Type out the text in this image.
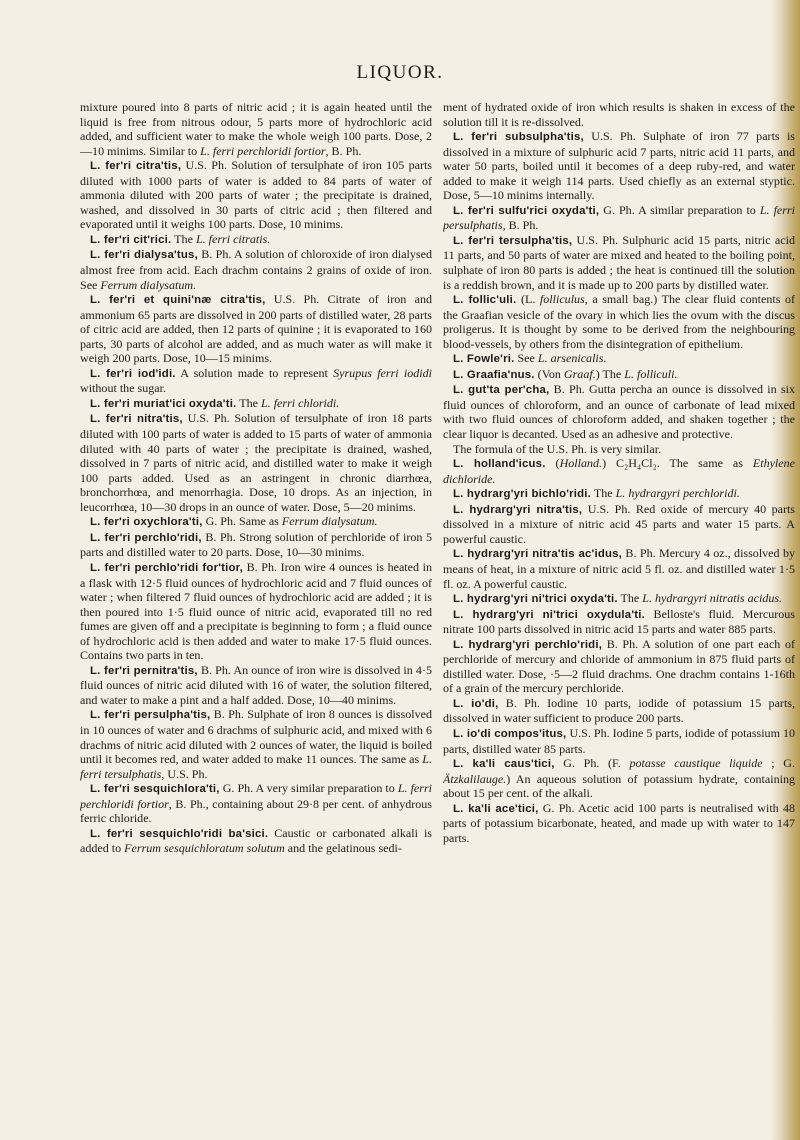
LIQUOR.

mixture poured into 8 parts of nitric acid ; it is again heated until the liquid is free from nitrous odour, 5 parts more of hydrochloric acid added, and sufficient water to make the whole weigh 100 parts. Dose, 2—10 minims. Similar to L. ferri perchloridi fortior, B. Ph.

L. fer'ri citra'tis, U.S. Ph. Solution of tersulphate of iron 105 parts diluted with 1000 parts of water is added to 84 parts of water of ammonia diluted with 200 parts of water ; the precipitate is drained, washed, and dissolved in 30 parts of citric acid ; then filtered and evaporated until it weighs 100 parts. Dose, 10 minims.

L. fer'ri cit'rici. The L. ferri citratis.

L. fer'ri dialysa'tus, B. Ph. A solution of chloroxide of iron dialysed almost free from acid. Each drachm contains 2 grains of oxide of iron. See Ferrum dialysatum.

L. fer'ri et quini'næ citra'tis, U.S. Ph. Citrate of iron and ammonium 65 parts are dissolved in 200 parts of distilled water, 28 parts of citric acid are added, then 12 parts of quinine ; it is evaporated to 160 parts, 30 parts of alcohol are added, and as much water as will make it weigh 200 parts. Dose, 10—15 minims.

L. fer'ri iod'idi. A solution made to represent Syrupus ferri iodidi without the sugar.

L. fer'ri muriat'ici oxyda'ti. The L. ferri chloridi.

L. fer'ri nitra'tis, U.S. Ph. Solution of tersulphate of iron 18 parts diluted with 100 parts of water is added to 15 parts of water of ammonia diluted with 40 parts of water ; the precipitate is drained, washed, dissolved in 7 parts of nitric acid, and distilled water to make it weigh 100 parts added. Used as an astringent in chronic diarrhœa, bronchorrhœa, and menorrhagia. Dose, 10 drops. As an injection, in leucorrhœa, 10—30 drops in an ounce of water. Dose, 5—20 minims.

L. fer'ri oxychlora'ti, G. Ph. Same as Ferrum dialysatum.

L. fer'ri perchlo'ridi, B. Ph. Strong solution of perchloride of iron 5 parts and distilled water to 20 parts. Dose, 10—30 minims.

L. fer'ri perchlo'ridi for'tior, B. Ph. Iron wire 4 ounces is heated in a flask with 12·5 fluid ounces of hydrochloric acid and 7 fluid ounces of water ; when filtered 7 fluid ounces of hydrochloric acid are added ; it is then poured into 1·5 fluid ounce of nitric acid, evaporated till no red fumes are given off and a precipitate is beginning to form ; a fluid ounce of hydrochloric acid is then added and water to make 17·5 fluid ounces. Contains two parts in ten.

L. fer'ri pernitra'tis, B. Ph. An ounce of iron wire is dissolved in 4·5 fluid ounces of nitric acid diluted with 16 of water, the solution filtered, and water to make a pint and a half added. Dose, 10—40 minims.

L. fer'ri persulpha'tis, B. Ph. Sulphate of iron 8 ounces is dissolved in 10 ounces of water and 6 drachms of sulphuric acid, and mixed with 6 drachms of nitric acid diluted with 2 ounces of water, the liquid is boiled until it becomes red, and water added to make 11 ounces. The same as L. ferri tersulphatis, U.S. Ph.

L. fer'ri sesquichlora'ti, G. Ph. A very similar preparation to L. ferri perchloridi fortior, B. Ph., containing about 29·8 per cent. of anhydrous ferric chloride.

L. fer'ri sesquichlo'ridi ba'sici. Caustic or carbonated alkali is added to Ferrum sesquichloratum solutum and the gelatinous sedi-

ment of hydrated oxide of iron which results is shaken in excess of the solution till it is re-dissolved.

L. fer'ri subsulpha'tis, U.S. Ph. Sulphate of iron 77 parts is dissolved in a mixture of sulphuric acid 7 parts, nitric acid 11 parts, and water 50 parts, boiled until it becomes of a deep ruby-red, and water added to make it weigh 114 parts. Used chiefly as an external styptic. Dose, 5—10 minims internally.

L. fer'ri sulfu'rici oxyda'ti, G. Ph. A similar preparation to L. ferri persulphatis, B. Ph.

L. fer'ri tersulpha'tis, U.S. Ph. Sulphuric acid 15 parts, nitric acid 11 parts, and 50 parts of water are mixed and heated to the boiling point, sulphate of iron 80 parts is added ; the heat is continued till the solution is a reddish brown, and it is made up to 200 parts by distilled water.

L. follic'uli. (L. folliculus, a small bag.) The clear fluid contents of the Graafian vesicle of the ovary in which lies the ovum with the discus proligerus. It is thought by some to be derived from the neighbouring blood-vessels, by others from the disintegration of epithelium.

L. Fowle'ri. See L. arsenicalis.

L. Graafia'nus. (Von Graaf.) The L. folliculi.

L. gut'ta per'cha, B. Ph. Gutta percha an ounce is dissolved in six fluid ounces of chloroform, and an ounce of carbonate of lead mixed with two fluid ounces of chloroform added, and shaken together ; the clear liquor is decanted. Used as an adhesive and protective.

The formula of the U.S. Ph. is very similar.

L. holland'icus. (Holland.) C₂H₄Cl₂. The same as Ethylene dichloride.

L. hydrarg'yri bichlo'ridi. The L. hydrargyri perchloridi.

L. hydrarg'yri nitra'tis, U.S. Ph. Red oxide of mercury 40 parts dissolved in a mixture of nitric acid 45 parts and water 15 parts. A powerful caustic.

L. hydrarg'yri nitra'tis ac'idus, B. Ph. Mercury 4 oz., dissolved by means of heat, in a mixture of nitric acid 5 fl. oz. and distilled water 1·5 fl. oz. A powerful caustic.

L. hydrarg'yri ni'trici oxyda'ti. The L. hydrargyri nitratis acidus.

L. hydrarg'yri ni'trici oxydula'ti. Belloste's fluid. Mercurous nitrate 100 parts dissolved in nitric acid 15 parts and water 885 parts.

L. hydrarg'yri perchlo'ridi, B. Ph. A solution of one part each of perchloride of mercury and chloride of ammonium in 875 fluid parts of distilled water. Dose, ·5—2 fluid drachms. One drachm contains 1-16th of a grain of the mercury perchloride.

L. io'di, B. Ph. Iodine 10 parts, iodide of potassium 15 parts, dissolved in water sufficient to produce 200 parts.

L. io'di compos'itus, U.S. Ph. Iodine 5 parts, iodide of potassium 10 parts, distilled water 85 parts.

L. ka'li caus'tici, G. Ph. (F. potasse caustique liquide ; G. Ätzkalilauge.) An aqueous solution of potassium hydrate, containing about 15 per cent. of the alkali.

L. ka'li ace'tici, G. Ph. Acetic acid 100 parts is neutralised with 48 parts of potassium bicarbonate, heated, and made up with water to 147 parts.
